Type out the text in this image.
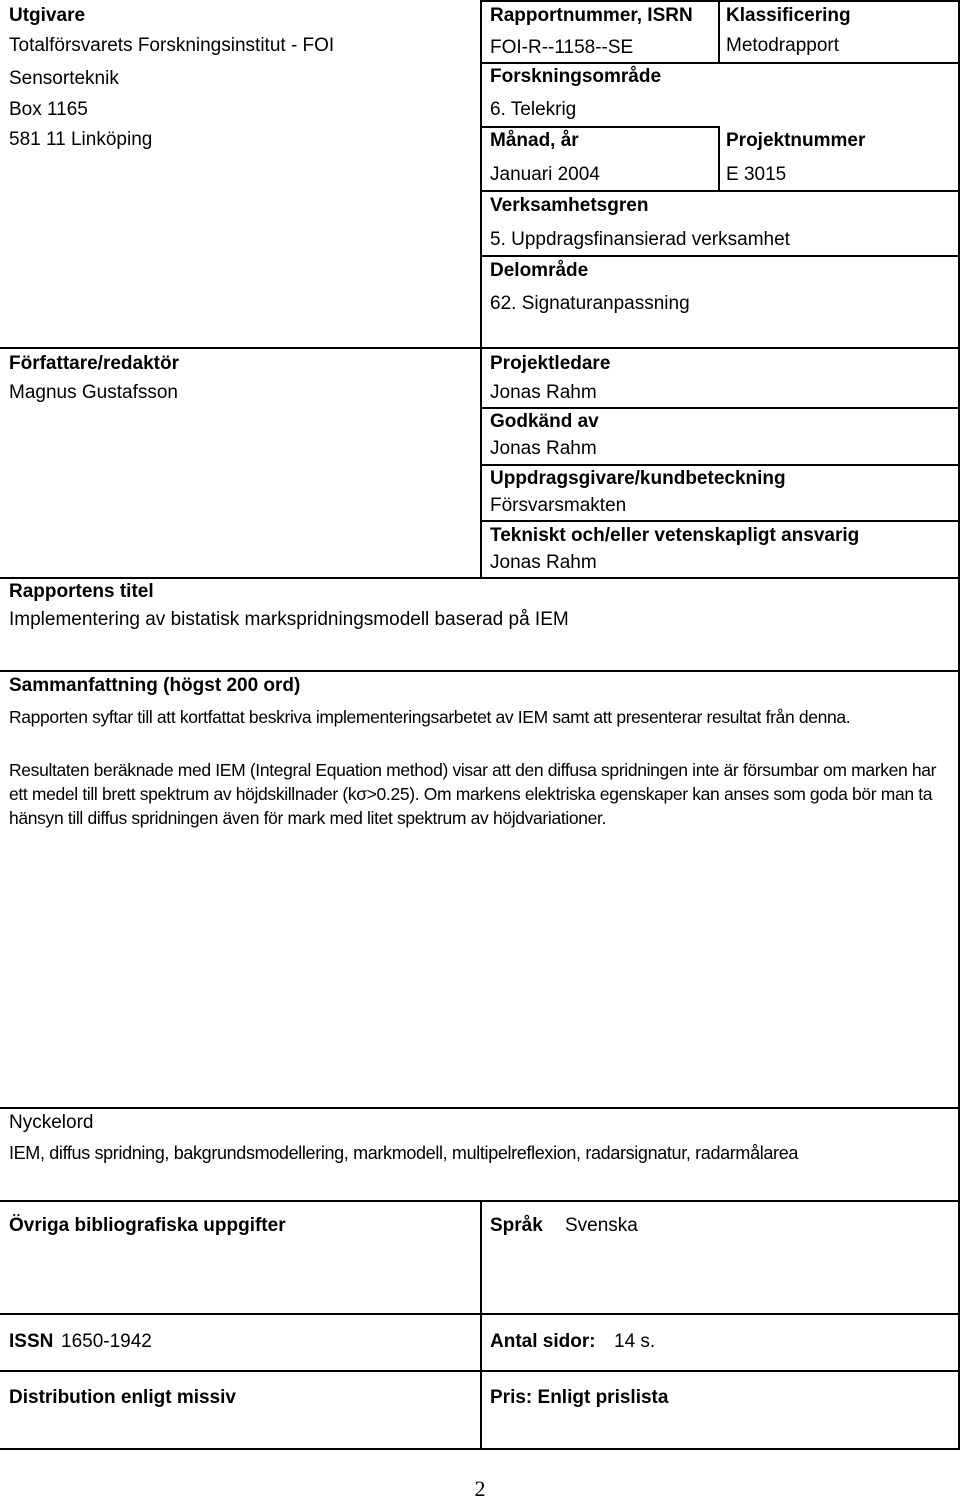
Utgivare
Totalförsvarets Forskningsinstitut - FOI
Sensorteknik
Box 1165
581 11 Linköping
Rapportnummer, ISRN
FOI-R--1158--SE
Klassificering
Metodrapport
Forskningsområde
6. Telekrig
Månad, år
Januari 2004
Projektnummer
E 3015
Verksamhetsgren
5. Uppdragsfinansierad verksamhet
Delområde
62. Signaturanpassning
Författare/redaktör
Magnus Gustafsson
Projektledare
Jonas Rahm
Godkänd av
Jonas Rahm
Uppdragsgivare/kundbeteckning
Försvarsmakten
Tekniskt och/eller vetenskapligt ansvarig
Jonas Rahm
Rapportens titel
Implementering av bistatisk markspridningsmodell baserad på IEM
Sammanfattning (högst 200 ord)
Rapporten syftar till att kortfattat beskriva implementeringsarbetet av IEM samt att presenterar resultat från denna.
Resultaten beräknade med IEM (Integral Equation method) visar att den diffusa spridningen inte är försumbar om marken har ett medel till brett spektrum av höjdskillnader (kσ>0.25). Om markens elektriska egenskaper kan anses som goda bör man ta hänsyn till diffus spridningen även för mark med litet spektrum av höjdvariationer.
Nyckelord
IEM, diffus spridning, bakgrundsmodellering, markmodell, multipelreflexion, radarsignatur, radarmålarea
Övriga bibliografiska uppgifter	Språk Svenska
ISSN 1650-1942	Antal sidor: 14 s.
Distribution enligt missiv	Pris: Enligt prislista
2
